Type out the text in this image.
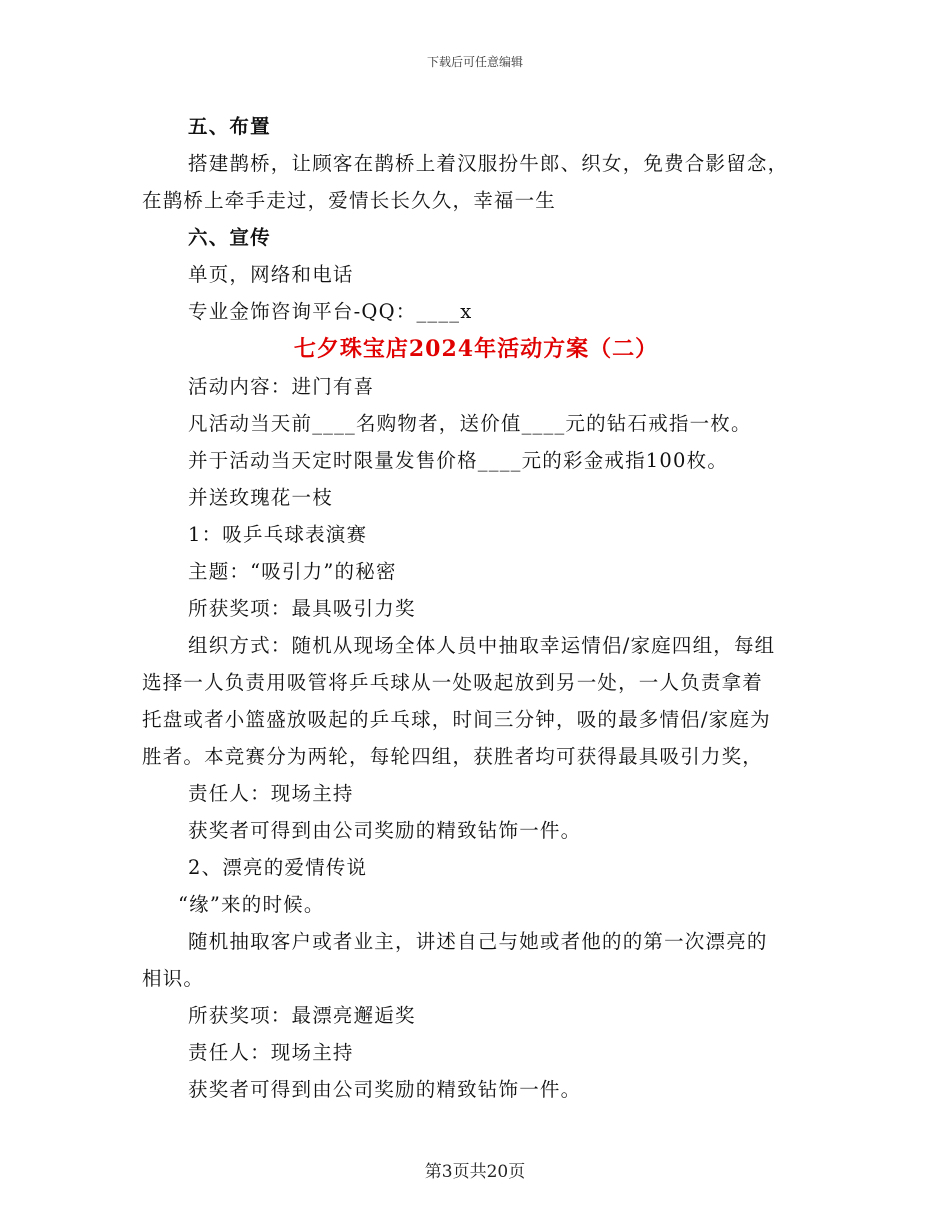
下载后可任意编辑

五、布置

搭建鹊桥，让顾客在鹊桥上着汉服扮牛郎、织女，免费合影留念，

在鹊桥上牵手走过，爱情长长久久，幸福一生

六、宣传

单页，网络和电话

专业金饰咨询平台-QQ：____x

七夕珠宝店2024年活动方案（二）

活动内容：进门有喜

凡活动当天前____名购物者，送价值____元的钻石戒指一枚。

并于活动当天定时限量发售价格____元的彩金戒指100枚。

并送玫瑰花一枝

1：吸乒乓球表演赛

主题：“吸引力”的秘密

所获奖项：最具吸引力奖

组织方式：随机从现场全体人员中抽取幸运情侣/家庭四组，每组

选择一人负责用吸管将乒乓球从一处吸起放到另一处，一人负责拿着

托盘或者小篮盛放吸起的乒乓球，时间三分钟，吸的最多情侣/家庭为

胜者。本竞赛分为两轮，每轮四组，获胜者均可获得最具吸引力奖，

责任人：现场主持

获奖者可得到由公司奖励的精致钻饰一件。

2、漂亮的爱情传说

“缘”来的时候。

随机抽取客户或者业主，讲述自己与她或者他的的第一次漂亮的

相识。

所获奖项：最漂亮邂逅奖

责任人：现场主持

获奖者可得到由公司奖励的精致钻饰一件。

第3页共20页
